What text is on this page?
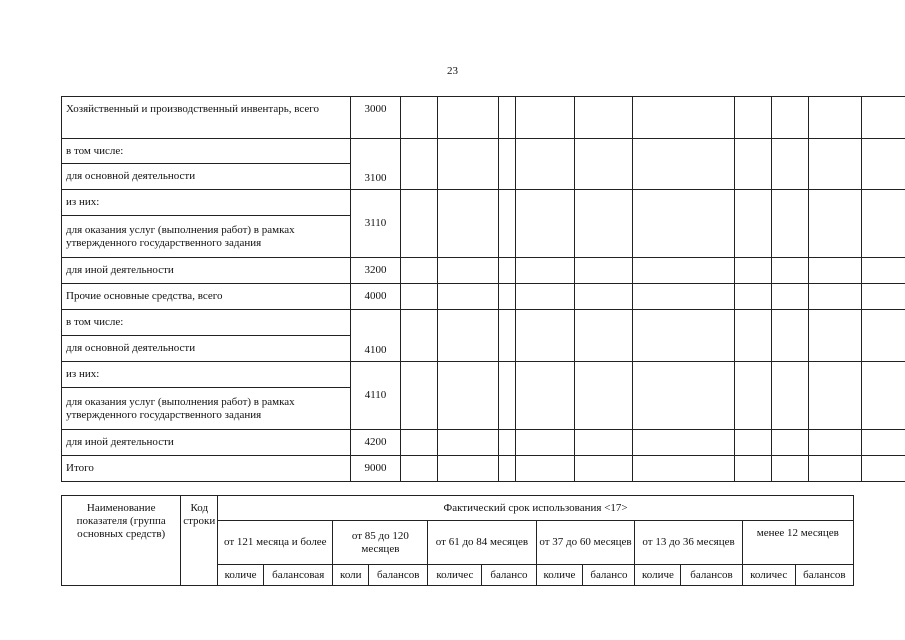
23
Хозяйственный и производственный инвентарь, всего	3000										
в том числе:	3100										
для основной деятельности											
из них:	3110										
для оказания услуг (выполнения работ) в рамках утвержденного государственного задания											
для иной деятельности	3200										
Прочие основные средства, всего	4000										
в том числе:	4100										
для основной деятельности											
из них:	4110										
для оказания услуг (выполнения работ) в рамках утвержденного государственного задания											
для иной деятельности	4200										
Итого	9000										
Наименование показателя (группа основных средств)	Код строки	Фактический срок использования <17>											
		от 121 месяца и более		от 85 до 120 месяцев		от 61 до 84 месяцев		от 37 до 60 месяцев		от 13 до 36 месяцев		менее 12 месяцев	
		количе	балансовая	коли	балансов	количес	балансо	количе	балансо	количе	балансов	количес	балансов
